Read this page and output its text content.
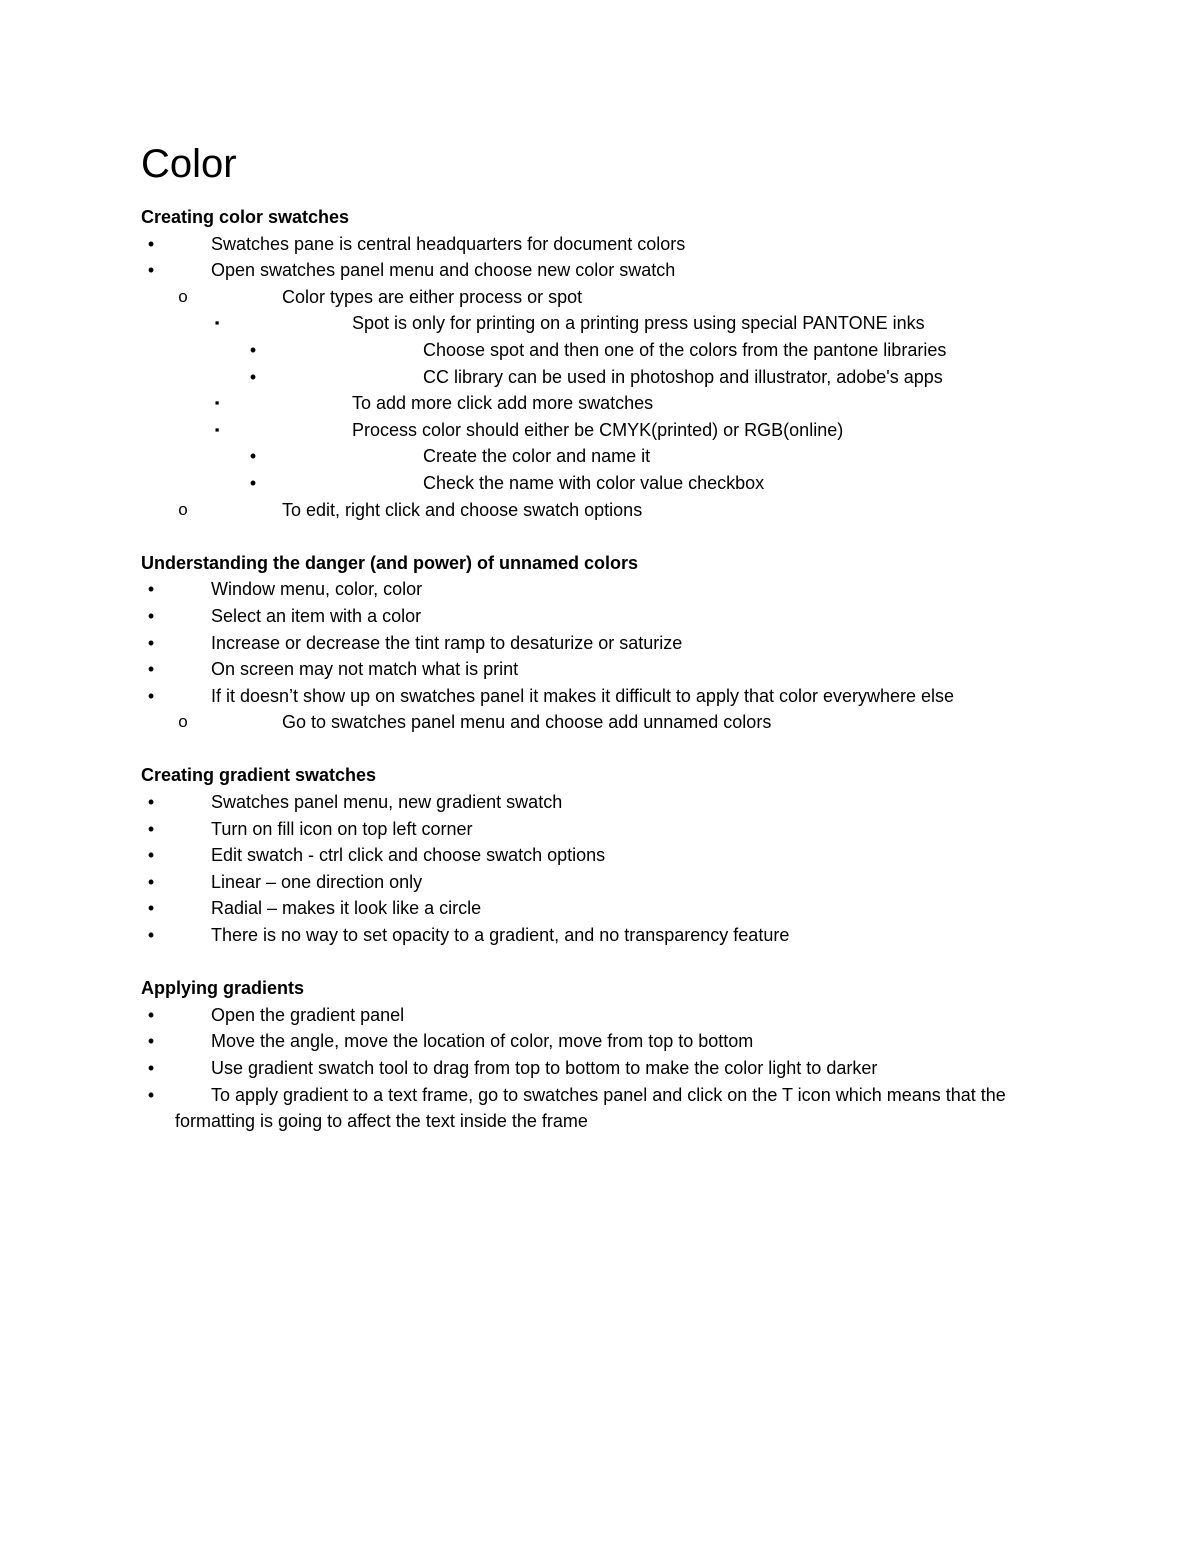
Color
Creating color swatches
•	Swatches pane is central headquarters for document colors
•	Open swatches panel menu and choose new color swatch
o	Color types are either process or spot
▪	Spot is only for printing on a printing press using special PANTONE inks
•	Choose spot and then one of the colors from the pantone libraries
•	CC library can be used in photoshop and illustrator, adobe's apps
▪	To add more click add more swatches
▪	Process color should either be CMYK(printed) or RGB(online)
•	Create the color and name it
•	Check the name with color value checkbox
o	To edit, right click and choose swatch options
Understanding the danger (and power) of unnamed colors
•	Window menu, color, color
•	Select an item with a color
•	Increase or decrease the tint ramp to desaturize or saturize
•	On screen may not match what is print
•	If it doesn’t show up on swatches panel it makes it difficult to apply that color everywhere else
o	Go to swatches panel menu and choose add unnamed colors
Creating gradient swatches
•	Swatches panel menu, new gradient swatch
•	Turn on fill icon on top left corner
•	Edit swatch - ctrl click and choose swatch options
•	Linear – one direction only
•	Radial – makes it look like a circle
•	There is no way to set opacity to a gradient, and no transparency feature
Applying gradients
•	Open the gradient panel
•	Move the angle, move the location of color, move from top to bottom
•	Use gradient swatch tool to drag from top to bottom to make the color light to darker
•	To apply gradient to a text frame, go to swatches panel and click on the T icon which means that the formatting is going to affect the text inside the frame
